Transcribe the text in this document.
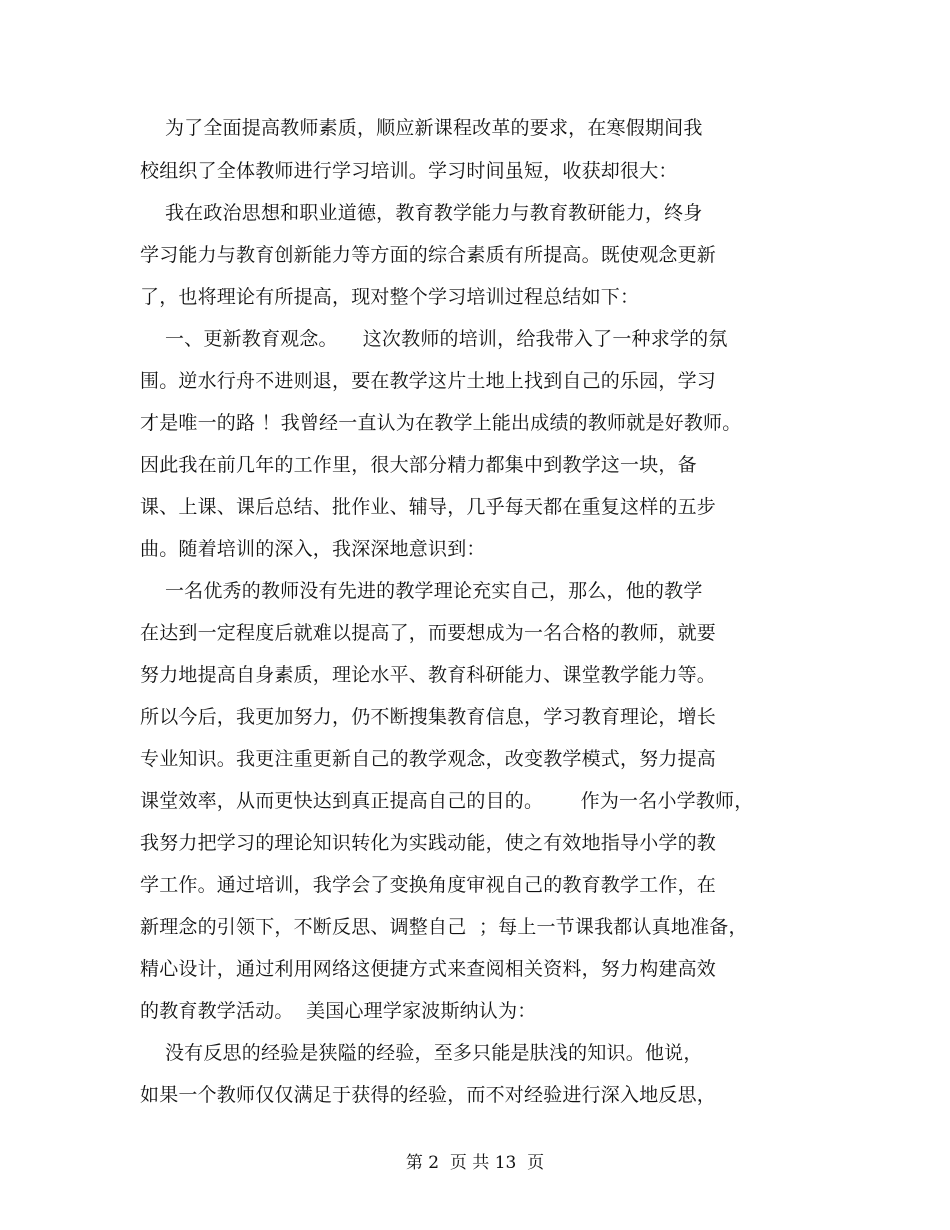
为了全面提高教师素质，顺应新课程改革的要求，在寒假期间我
校组织了全体教师进行学习培训。学习时间虽短，收获却很大：
我在政治思想和职业道德，教育教学能力与教育教研能力，终身
学习能力与教育创新能力等方面的综合素质有所提高。既使观念更新
了，也将理论有所提高，现对整个学习培训过程总结如下：
一、更新教育观念。    这次教师的培训，给我带入了一种求学的氛
围。逆水行舟不进则退，要在教学这片土地上找到自己的乐园，学习
才是唯一的路 ！我曾经一直认为在教学上能出成绩的教师就是好教师。
因此我在前几年的工作里，很大部分精力都集中到教学这一块，备
课、上课、课后总结、批作业、辅导，几乎每天都在重复这样的五步
曲。随着培训的深入，我深深地意识到：
一名优秀的教师没有先进的教学理论充实自己，那么，他的教学
在达到一定程度后就难以提高了，而要想成为一名合格的教师，就要
努力地提高自身素质，理论水平、教育科研能力、课堂教学能力等。
所以今后，我更加努力，仍不断搜集教育信息，学习教育理论，增长
专业知识。我更注重更新自己的教学观念，改变教学模式，努力提高
课堂效率，从而更快达到真正提高自己的目的。      作为一名小学教师，
我努力把学习的理论知识转化为实践动能，使之有效地指导小学的教
学工作。通过培训，我学会了变换角度审视自己的教育教学工作，在
新理念的引领下，不断反思、调整自己  ；每上一节课我都认真地准备，
精心设计，通过利用网络这便捷方式来查阅相关资料，努力构建高效
的教育教学活动。  美国心理学家波斯纳认为：
没有反思的经验是狭隘的经验，至多只能是肤浅的知识。他说，
如果一个教师仅仅满足于获得的经验，而不对经验进行深入地反思，
第 2  页 共 13  页
